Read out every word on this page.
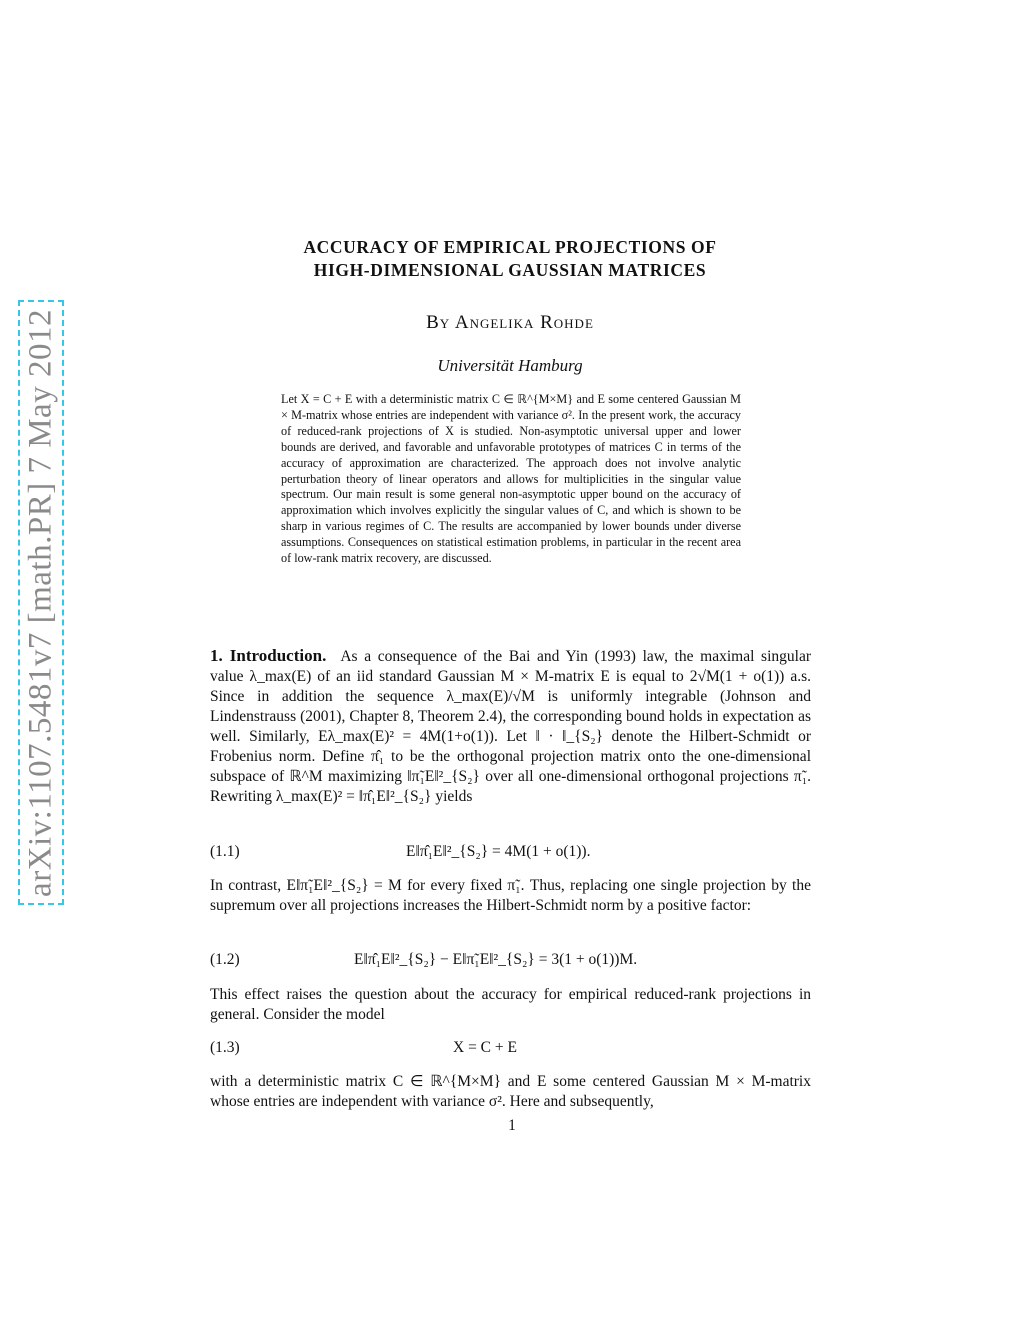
arXiv:1107.5481v7 [math.PR] 7 May 2012
ACCURACY OF EMPIRICAL PROJECTIONS OF
HIGH-DIMENSIONAL GAUSSIAN MATRICES
By Angelika Rohde
Universität Hamburg
Let X = C + E with a deterministic matrix C ∈ ℝ^{M×M} and E some centered Gaussian M × M-matrix whose entries are independent with variance σ². In the present work, the accuracy of reduced-rank projections of X is studied. Non-asymptotic universal upper and lower bounds are derived, and favorable and unfavorable prototypes of matrices C in terms of the accuracy of approximation are characterized. The approach does not involve analytic perturbation theory of linear operators and allows for multiplicities in the singular value spectrum. Our main result is some general non-asymptotic upper bound on the accuracy of approximation which involves explicitly the singular values of C, and which is shown to be sharp in various regimes of C. The results are accompanied by lower bounds under diverse assumptions. Consequences on statistical estimation problems, in particular in the recent area of low-rank matrix recovery, are discussed.
1. Introduction. As a consequence of the Bai and Yin (1993) law, the maximal singular value λ_max(E) of an iid standard Gaussian M × M-matrix E is equal to 2√M(1 + o(1)) a.s. Since in addition the sequence λ_max(E)/√M is uniformly integrable (Johnson and Lindenstrauss (2001), Chapter 8, Theorem 2.4), the corresponding bound holds in expectation as well. Similarly, Eλ_max(E)² = 4M(1+o(1)). Let ‖ · ‖_{S₂} denote the Hilbert-Schmidt or Frobenius norm. Define π̂₁ to be the orthogonal projection matrix onto the one-dimensional subspace of ℝ^M maximizing ‖π̃₁E‖²_{S₂} over all one-dimensional orthogonal projections π̃₁. Rewriting λ_max(E)² = ‖π̂₁E‖²_{S₂} yields
(1.1)	E‖π̂₁E‖²_{S₂} = 4M(1 + o(1)).
In contrast, E‖π̃₁E‖²_{S₂} = M for every fixed π̃₁. Thus, replacing one single projection by the supremum over all projections increases the Hilbert-Schmidt norm by a positive factor:
(1.2)	E‖π̂₁E‖²_{S₂} − E‖π̃₁E‖²_{S₂} = 3(1 + o(1))M.
This effect raises the question about the accuracy for empirical reduced-rank projections in general. Consider the model
(1.3)	X = C + E
with a deterministic matrix C ∈ ℝ^{M×M} and E some centered Gaussian M × M-matrix whose entries are independent with variance σ². Here and subsequently,
1
